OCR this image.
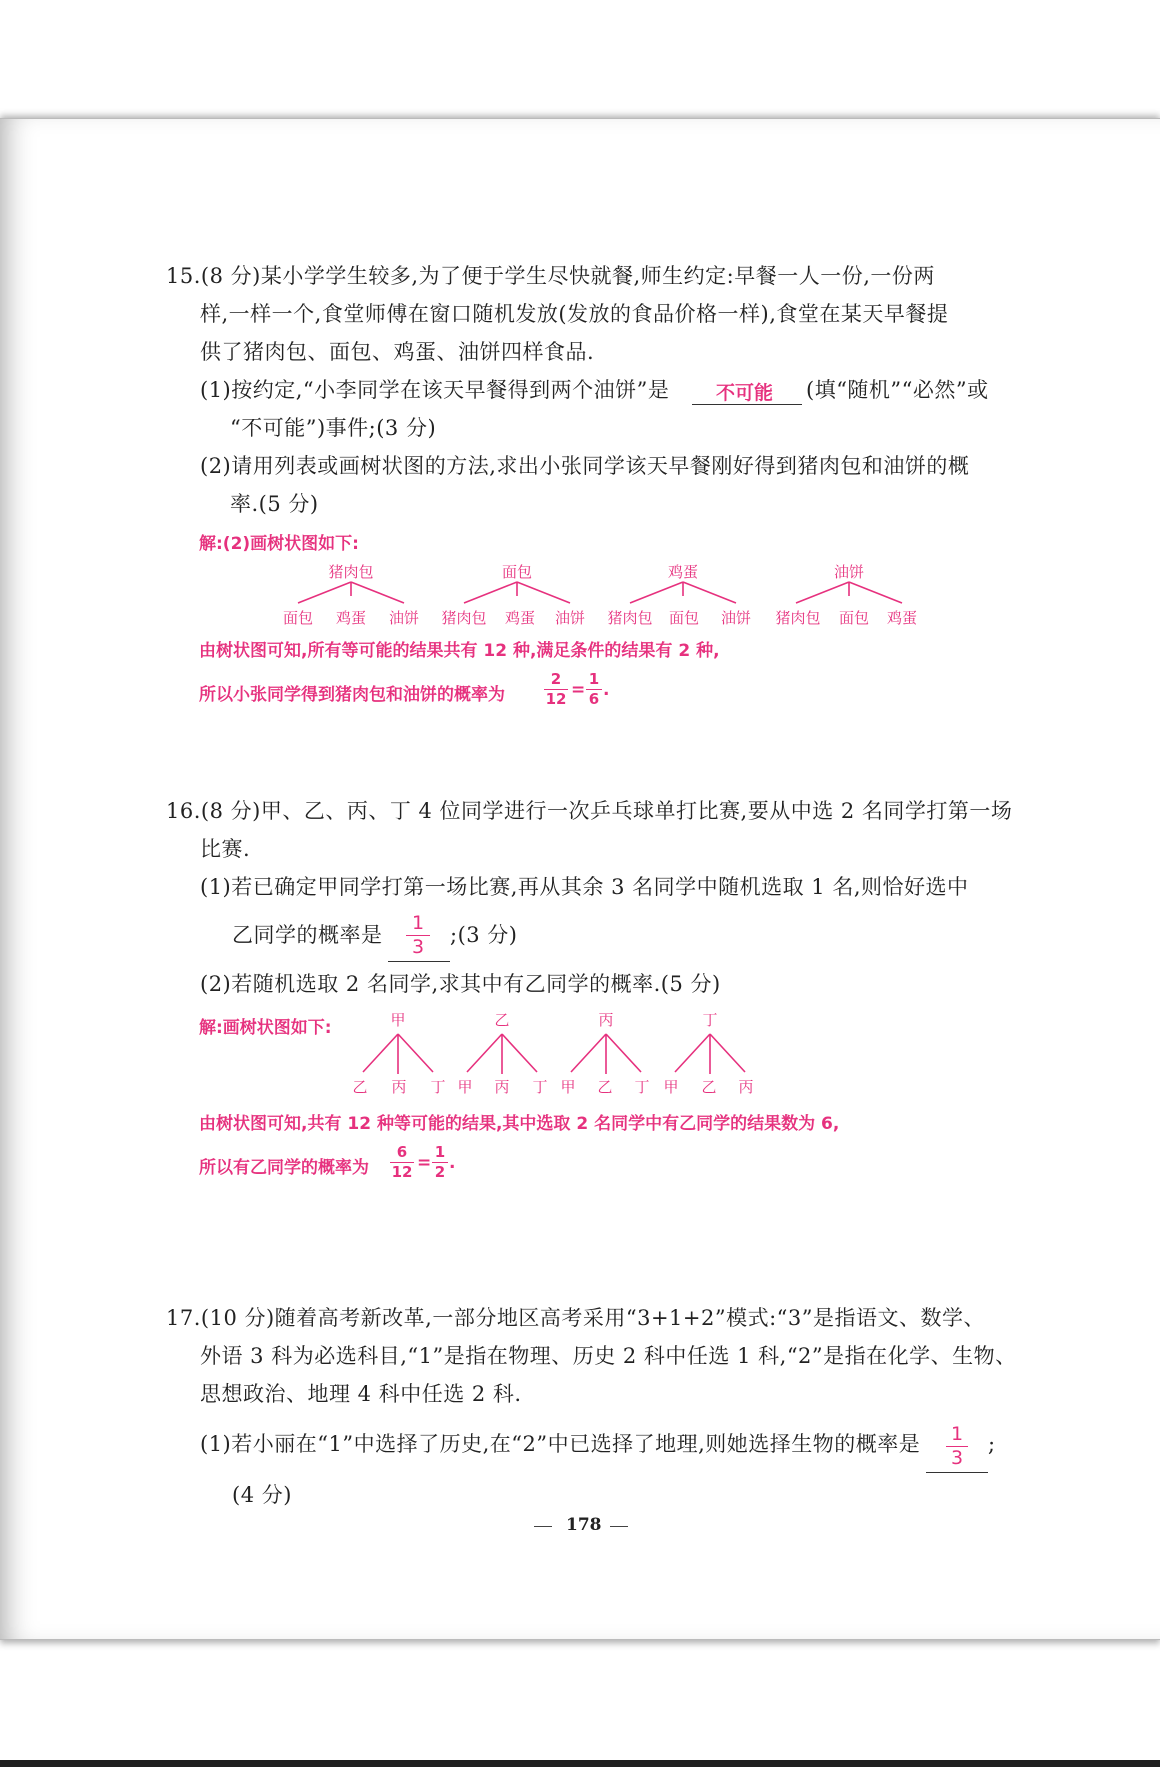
15.(8 分)某小学学生较多,为了便于学生尽快就餐,师生约定:早餐一人一份,一份两
样,一样一个,食堂师傅在窗口随机发放(发放的食品价格一样),食堂在某天早餐提
供了猪肉包、面包、鸡蛋、油饼四样食品.
(1)按约定,“小李同学在该天早餐得到两个油饼”是 不可能 (填“随机”“必然”或
“不可能”)事件;(3 分)
(2)请用列表或画树状图的方法,求出小张同学该天早餐刚好得到猪肉包和油饼的概
率.(5 分)
解:(2)画树状图如下:
猪肉包
面包 鸡蛋 油饼
面包
猪肉包 鸡蛋 油饼
鸡蛋
猪肉包 面包 油饼
油饼
猪肉包 面包 鸡蛋
由树状图可知,所有等可能的结果共有 12 种,满足条件的结果有 2 种,
所以小张同学得到猪肉包和油饼的概率为	$\frac{2}{12} = \frac{1}{6}$ .
16.(8 分)甲、乙、丙、丁 4 位同学进行一次乒乓球单打比赛,要从中选 2 名同学打第一场
比赛.
(1)若已确定甲同学打第一场比赛,再从其余 3 名同学中随机选取 1 名,则恰好选中
乙同学的概率是 $\frac{1}{3}$ ;(3 分)
(2)若随机选取 2 名同学,求其中有乙同学的概率.(5 分)
解:画树状图如下:	甲
乙 丙 丁
乙
甲 丙 丁
丙
甲 乙 丁
丁
甲 乙 丙
由树状图可知,共有 12 种等可能的结果,其中选取 2 名同学中有乙同学的结果数为 6,
所以有乙同学的概率为 $\frac{6}{12} = \frac{1}{2}$ .
17.(10 分)随着高考新改革,一部分地区高考采用“3+1+2”模式:“3”是指语文、数学、
外语 3 科为必选科目,“1”是指在物理、历史 2 科中任选 1 科,“2”是指在化学、生物、
思想政治、地理 4 科中任选 2 科.
(1)若小丽在“1”中选择了历史,在“2”中已选择了地理,则她选择生物的概率是 $\frac{1}{3}$ ;
(4 分)
178
